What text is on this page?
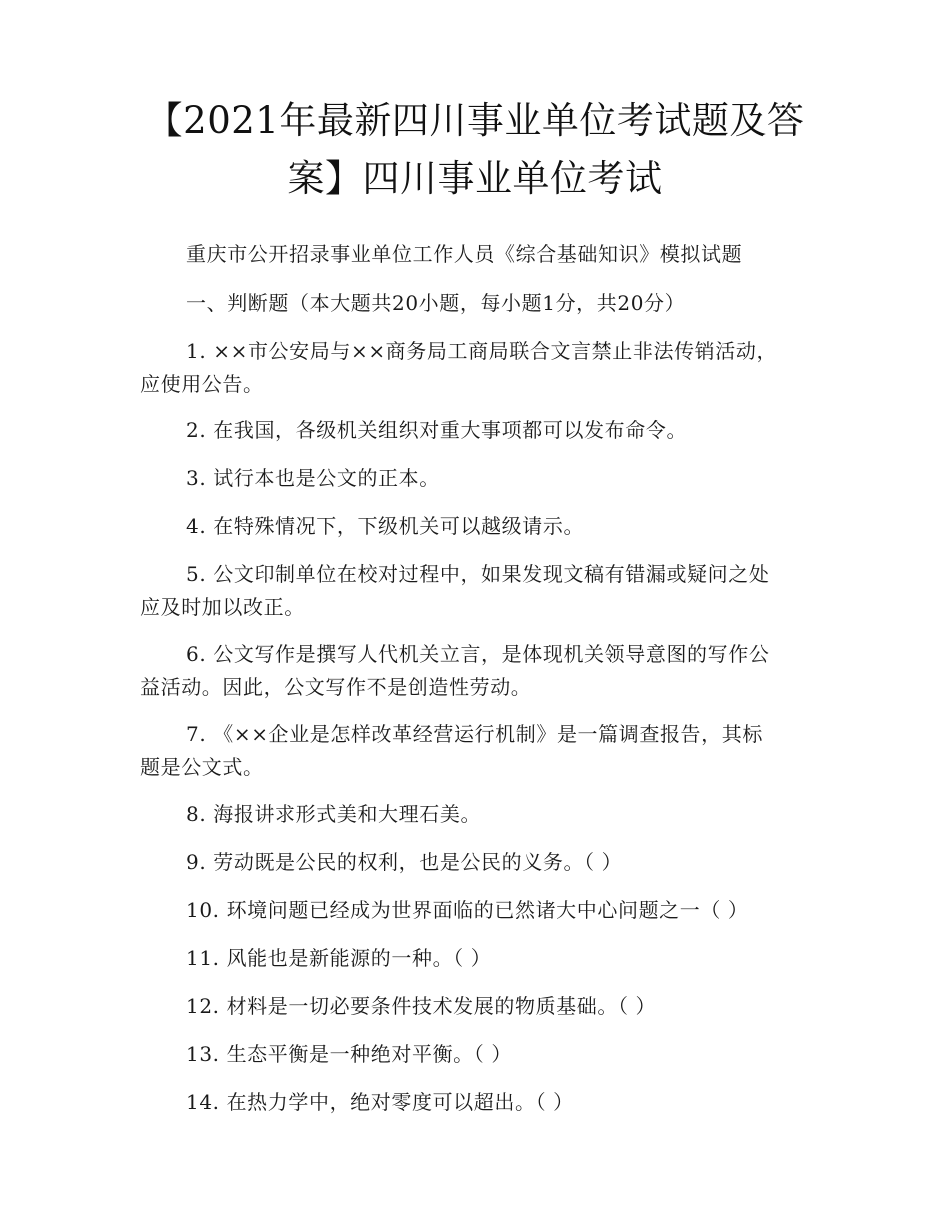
【2021年最新四川事业单位考试题及答
案】四川事业单位考试
重庆市公开招录事业单位工作人员《综合基础知识》模拟试题
一、判断题（本大题共20小题，每小题1分，共20分）
1. ××市公安局与××商务局工商局联合文言禁止非法传销活动，
应使用公告。
2. 在我国，各级机关组织对重大事项都可以发布命令。
3. 试行本也是公文的正本。
4. 在特殊情况下，下级机关可以越级请示。
5. 公文印制单位在校对过程中，如果发现文稿有错漏或疑问之处
应及时加以改正。
6. 公文写作是撰写人代机关立言，是体现机关领导意图的写作公
益活动。因此，公文写作不是创造性劳动。
7. 《××企业是怎样改革经营运行机制》是一篇调查报告，其标
题是公文式。
8. 海报讲求形式美和大理石美。
9. 劳动既是公民的权利，也是公民的义务。（ ）
10. 环境问题已经成为世界面临的已然诸大中心问题之一（ ）
11. 风能也是新能源的一种。（ ）
12. 材料是一切必要条件技术发展的物质基础。（ ）
13. 生态平衡是一种绝对平衡。（ ）
14. 在热力学中，绝对零度可以超出。（ ）
